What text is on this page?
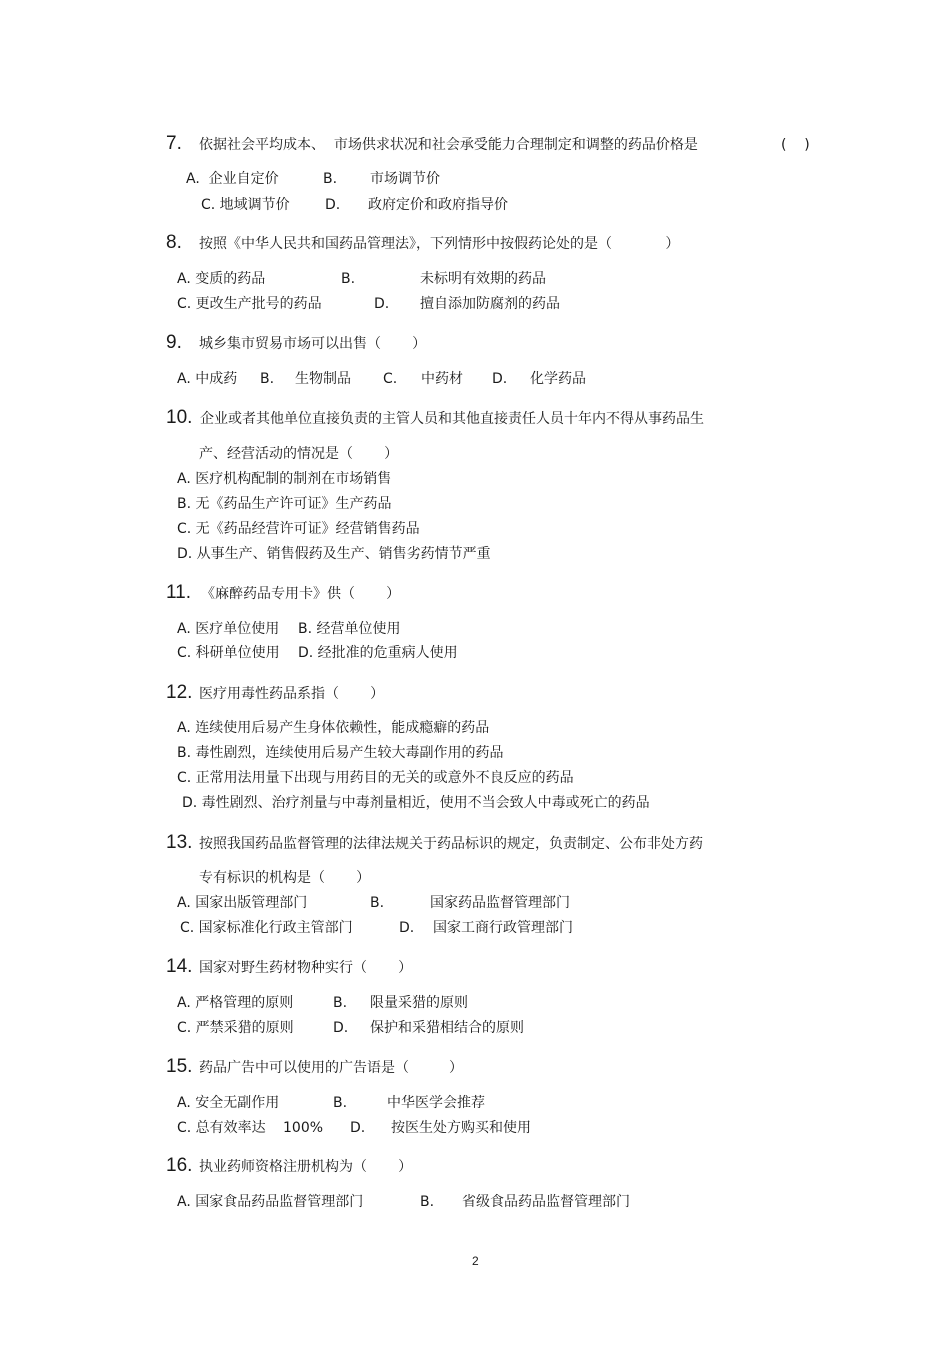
7. 依据社会平均成本、  市场供求状况和社会承受能力合理制定和调整的药品价格是	(    )
A.  企业自定价	B. 市场调节价
C. 地域调节价	D. 政府定价和政府指导价
8. 按照《中华人民共和国药品管理法》，下列情形中按假药论处的是（            ）
A. 变质的药品	B.	未标明有效期的药品
C. 更改生产批号的药品	D. 擅自添加防腐剂的药品
9. 城乡集市贸易市场可以出售（       ）
A. 中成药 B. 生物制品 C. 中药材 D. 化学药品
10. 企业或者其他单位直接负责的主管人员和其他直接责任人员十年内不得从事药品生
产、经营活动的情况是（       ）
A. 医疗机构配制的制剂在市场销售
B. 无《药品生产许可证》生产药品
C. 无《药品经营许可证》经营销售药品
D. 从事生产、销售假药及生产、销售劣药情节严重
11. 《麻醉药品专用卡》供（       ）
A. 医疗单位使用 B. 经营单位使用
C. 科研单位使用 D. 经批准的危重病人使用
12. 医疗用毒性药品系指（       ）
A. 连续使用后易产生身体依赖性，能成瘾癖的药品
B. 毒性剧烈，连续使用后易产生较大毒副作用的药品
C. 正常用法用量下出现与用药目的无关的或意外不良反应的药品
D. 毒性剧烈、治疗剂量与中毒剂量相近，使用不当会致人中毒或死亡的药品
13. 按照我国药品监督管理的法律法规关于药品标识的规定，负责制定、公布非处方药
专有标识的机构是（       ）
A. 国家出版管理部门	B.	国家药品监督管理部门
C. 国家标准化行政主管部门	D. 国家工商行政管理部门
14. 国家对野生药材物种实行（       ）
A. 严格管理的原则	B. 限量采猎的原则
C. 严禁采猎的原则	D. 保护和采猎相结合的原则
15. 药品广告中可以使用的广告语是（         ）
A. 安全无副作用	B.	中华医学会推荐
C. 总有效率达 100% D. 按医生处方购买和使用
16. 执业药师资格注册机构为（       ）
A. 国家食品药品监督管理部门	B. 省级食品药品监督管理部门
2
